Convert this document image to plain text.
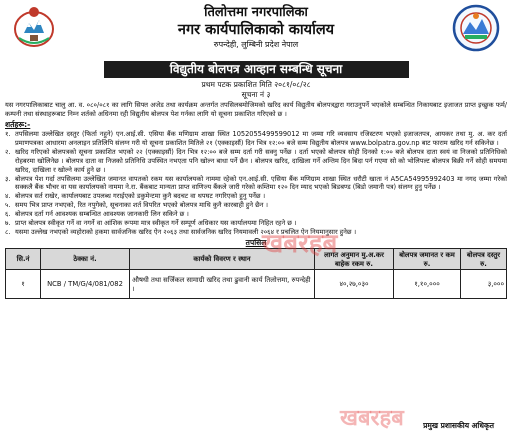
तिलोत्तमा नगरपालिका
नगर कार्यपालिकाको कार्यालय
रुपन्देही, लुम्बिनी प्रदेश नेपाल
विद्युतीय बोलपत्र आव्हान सम्बन्धि सूचना
प्रथम पटक प्रकाशित मिति २०८१/०८/२८
सूचना नं ३
यस नगरपालिकाबाट चालु आ. व. ०८०/०८१ का लागि सिफ्त अजेड तथा कार्यक्रम अन्तर्गत तपसिलबमोजिमको खरिद कार्य विद्युतीय बोलपत्रद्वारा गराउनुपर्ने भएकोले सम्बन्धित निकायबाट इजाजत प्राप्त इच्छुक फर्म/कम्पनी तथा संस्थाहरूबाट निम्न शर्तको अधिनमा रही विद्युतीय बोलपत्र पेश गर्नका लागि यो सूचना प्रकाशित गरिएको छ ।
शर्तहरू:-
१. तपसिलमा उल्लेखित दस्तुर (फिर्ता नहुने) एन.आई.सी. एसिया बैंक मणिग्राम शाखा स्थित 1052055499599012 मा जम्मा गरि व्यवसाय रजिस्टरण भएको इजाजतपत्र, आयकर तथा मु. अ. कर दर्ता प्रमाणपत्रका आधारमा अनलाइन प्रतिलिपि संलग्न गरी यो सूचना प्रकाशित मितिले २१ (एक्काइसौं) दिन भित्र १२:०० बजे सम्म विद्युतीय बोलपत्र www.bolpatra.gov.np बाट फाराम खरिद गर्न सकिनेछ ।
२. खरिद गरिएको बोलपत्रको सूचना प्रकाशित भएको २२ (एक्काइसौं) दिन भित्र १२:०० बजे सम्म दर्ता गरी सक्नु पर्नेछ । दर्ता भएको बोलपत्र सोही दिनको १:०० बजे बोलपत्र दाता स्वयं वा निजको प्रतिनिधिको रोहबरमा खोलिनेछ । बोलपत्र दाता वा निजको प्रतिनिधि उपस्थित नभएता पनि खोल्न बाधा पर्ने छैन । बोलपत्र खरिद, दाखिला गर्ने अन्तिम दिन बिदा पर्न गएमा सो को भोलिपल्ट बोलपत्र बिक्री गर्ने सोही समयमा खरिद, दाखिला र खोल्ने कार्य हुने छ ।
३. बोलपत्र पेश गर्दा तपसिलमा उल्लेखित जमानत वापतको रकम यस कार्यालयको नाममा रहेको एन.आई.सी. एसिया बैंक मणिग्राम शाखा स्थित धरौटी खाता नं A5CA54995992403 मा नगद जम्मा गरेको सक्कलै बैंक भौचर वा यस कार्यालयको नाममा ने.रा. बैंकबाट मान्यता प्राप्त वाणिज्य बैंकले जारी गरेको कम्तिमा १२० दिन म्याद भएको बिडबण्ड (बिडो जमानी पत्र) संलग्न हुनु पर्नेछ ।
४. बोलपत्र सर्त राखेर, कार्यालयबाट उपलब्ध गराईएको डकुमेन्टमा कुनै बदचट वा थपघट नगरिएको हुनु पर्नेछ ।
५. समय भित्र प्राप्त नभएको, रित नपुगेको, सूचनाका शर्त विपरित भएको बोलपत्र माथि कुनै कारबाही हुने छैन ।
६. बोलपत्र दर्ता गर्न आवश्यक सम्बन्धित आवश्यक जानकारी लिन सकिने छ ।
७. प्राप्त बोलपत्र स्वीकृत गर्ने वा नगर्ने वा आंशिक रूपमा मात्र स्वीकृत गर्ने सम्पूर्ण अधिकार यस कार्यालयमा निहित रहने छ ।
८. यसमा उल्लेख नभएको व्यहोराको हकमा सार्वजनिक खरिद ऐन २०६३ तथा सार्वजनिक खरिद नियमावली २०६४ र प्रचलित ऐन नियमानुसार हुनेछ ।
तपसिल
सि.नं	ठेक्का नं.	कार्यको विवरण र स्थान	लागत अनुमान मु.अ.कर बाहेक रकम रु.	बोलपत्र जमानत र कम रु.	बोलपत्र दस्तुर रु.
१	NCB / TM/G/4/081/082	औषधी तथा सर्जिकल सामाग्री खरिद तथा ढुवानी कार्य तिलोत्तमा, रुपन्देही ।	४०,२७,०३०	१,१०,०००	३,०००
प्रमुख प्रशासकीय अधिकृत
खबरहब
खबरहब
